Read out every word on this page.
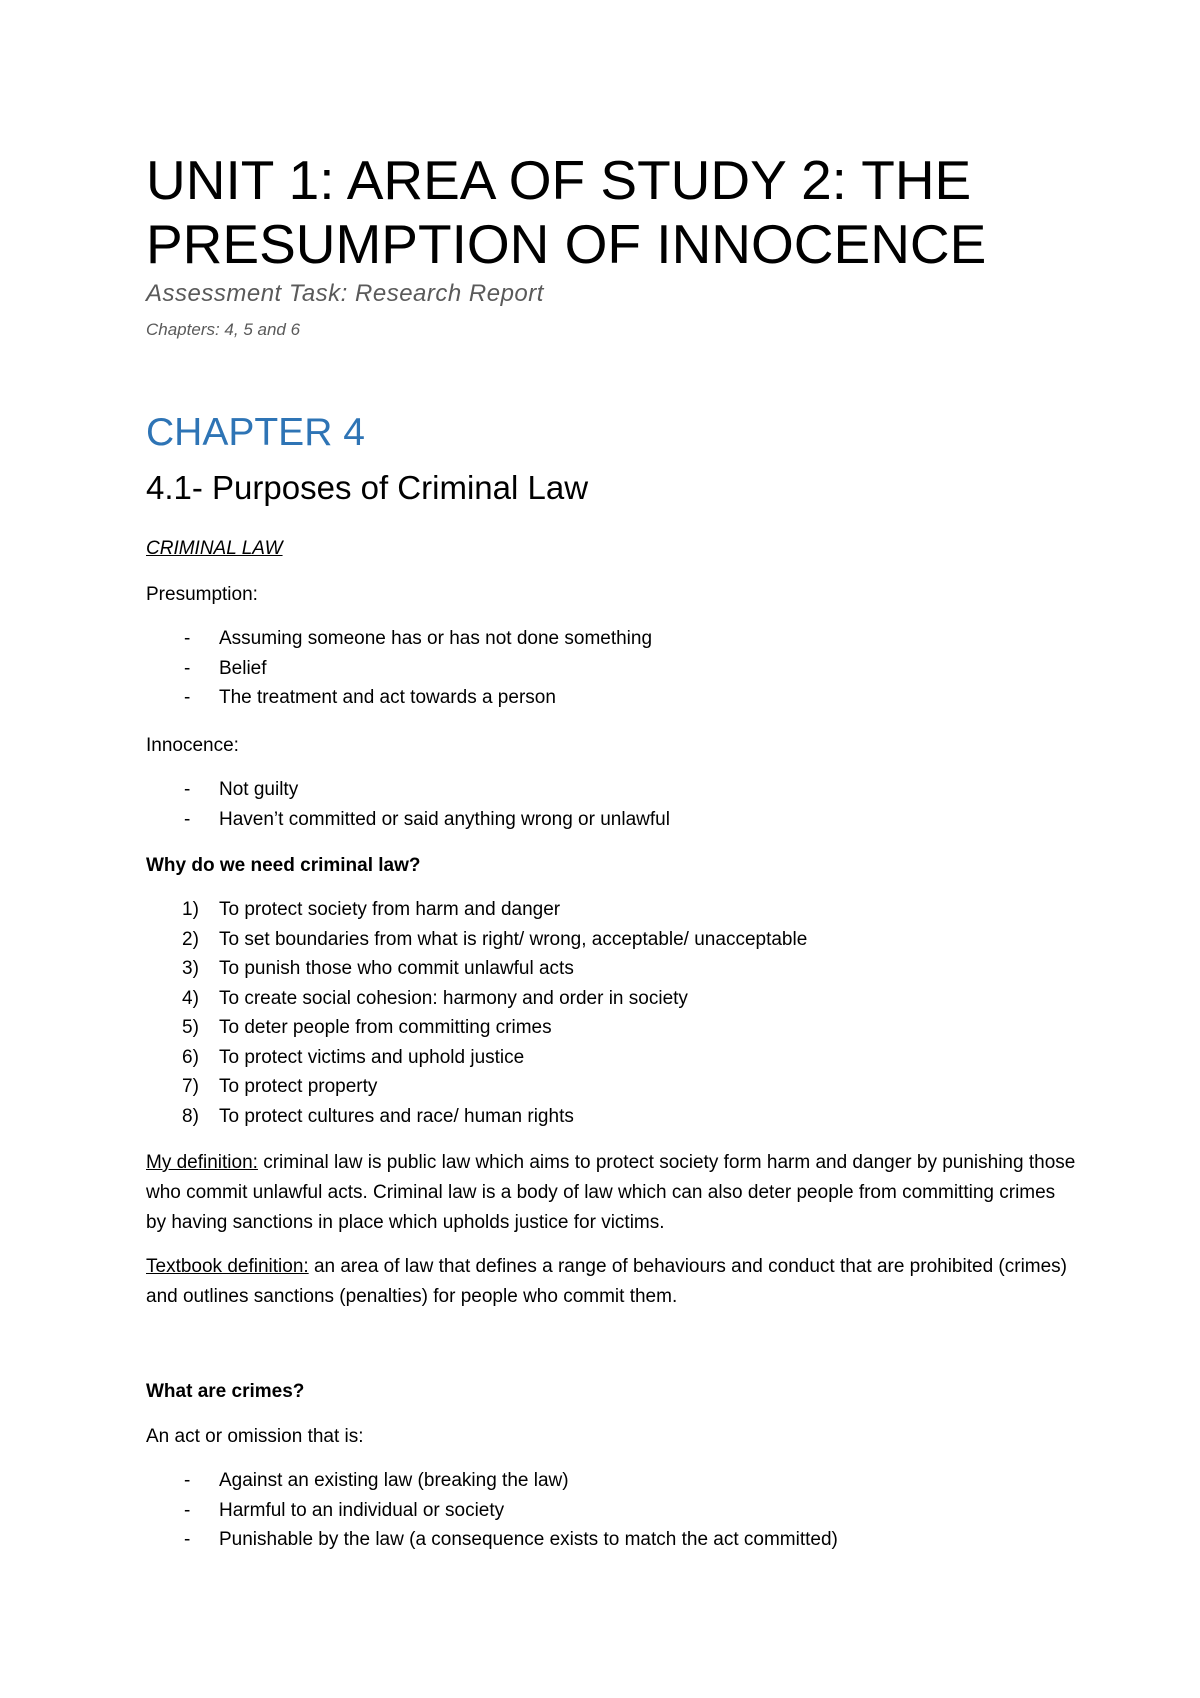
UNIT 1: AREA OF STUDY 2: THE PRESUMPTION OF INNOCENCE

Assessment Task: Research Report

Chapters: 4, 5 and 6

CHAPTER 4
4.1- Purposes of Criminal Law

CRIMINAL LAW

Presumption:

- Assuming someone has or has not done something
- Belief
- The treatment and act towards a person

Innocence:

- Not guilty
- Haven’t committed or said anything wrong or unlawful

Why do we need criminal law?

1) To protect society from harm and danger
2) To set boundaries from what is right/ wrong, acceptable/ unacceptable
3) To punish those who commit unlawful acts
4) To create social cohesion: harmony and order in society
5) To deter people from committing crimes
6) To protect victims and uphold justice
7) To protect property
8) To protect cultures and race/ human rights

My definition: criminal law is public law which aims to protect society form harm and danger by punishing those who commit unlawful acts. Criminal law is a body of law which can also deter people from committing crimes by having sanctions in place which upholds justice for victims.

Textbook definition: an area of law that defines a range of behaviours and conduct that are prohibited (crimes) and outlines sanctions (penalties) for people who commit them.

What are crimes?

An act or omission that is:

- Against an existing law (breaking the law)
- Harmful to an individual or society
- Punishable by the law (a consequence exists to match the act committed)
